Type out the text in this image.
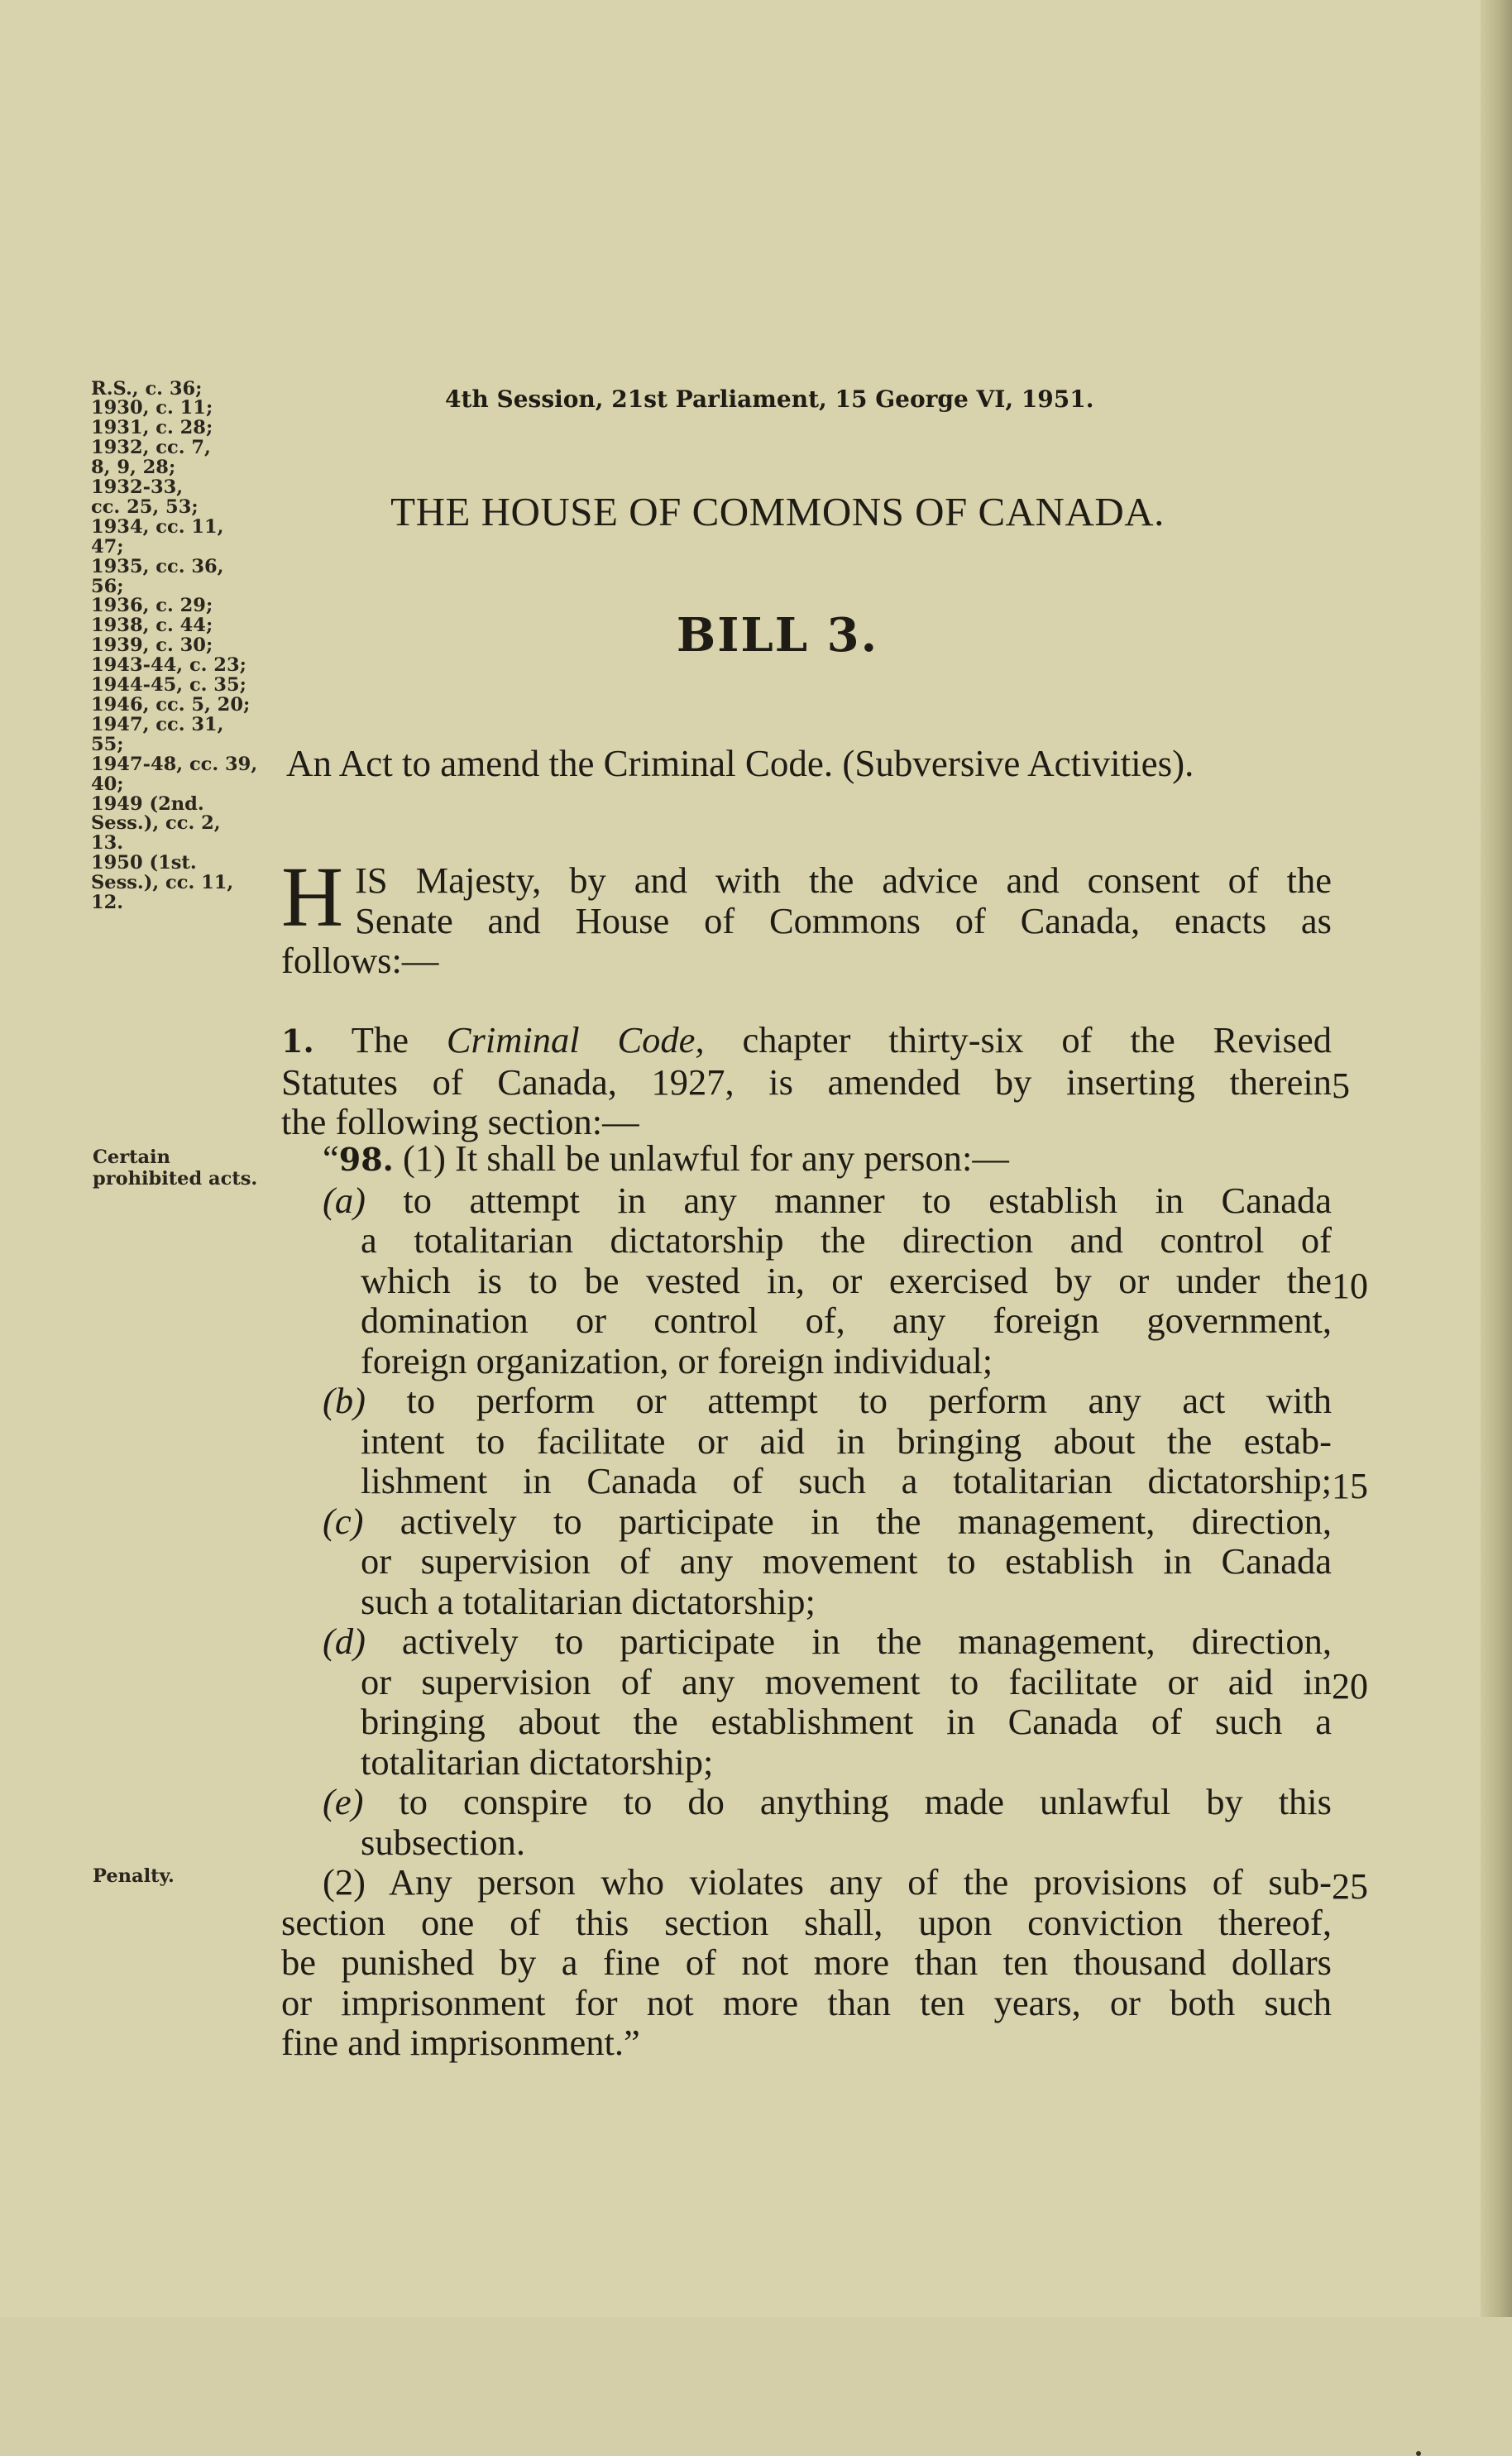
R.S., c. 36;
1930, c. 11;
1931, c. 28;
1932, cc. 7,
8, 9, 28;
1932-33,
cc. 25, 53;
1934, cc. 11,
47;
1935, cc. 36,
56;
1936, c. 29;
1938, c. 44;
1939, c. 30;
1943-44, c. 23;
1944-45, c. 35;
1946, cc. 5, 20;
1947, cc. 31,
55;
1947-48, cc. 39,
40;
1949 (2nd.
Sess.), cc. 2,
13.
1950 (1st.
Sess.), cc. 11,
12.
4th Session, 21st Parliament, 15 George VI, 1951.
THE HOUSE OF COMMONS OF CANADA.
BILL 3.
An Act to amend the Criminal Code. (Subversive Activities).
H IS Majesty, by and with the advice and consent of the
Senate and House of Commons of Canada, enacts as
follows:—
1. The Criminal Code, chapter thirty-six of the Revised
Statutes of Canada, 1927, is amended by inserting therein
the following section:—
Certain prohibited acts.	“98. (1) It shall be unlawful for any person:—
(a) to attempt in any manner to establish in Canada
a totalitarian dictatorship the direction and control of
which is to be vested in, or exercised by or under the
domination or control of, any foreign government,
foreign organization, or foreign individual;
(b) to perform or attempt to perform any act with
intent to facilitate or aid in bringing about the estab-
lishment in Canada of such a totalitarian dictatorship;
(c) actively to participate in the management, direction,
or supervision of any movement to establish in Canada
such a totalitarian dictatorship;
(d) actively to participate in the management, direction,
or supervision of any movement to facilitate or aid in
bringing about the establishment in Canada of such a
totalitarian dictatorship;
(e) to conspire to do anything made unlawful by this
subsection.
(2) Any person who violates any of the provisions of sub-
section one of this section shall, upon conviction thereof,
be punished by a fine of not more than ten thousand dollars
or imprisonment for not more than ten years, or both such
fine and imprisonment.”
Penalty.
5
10
15
20
25
